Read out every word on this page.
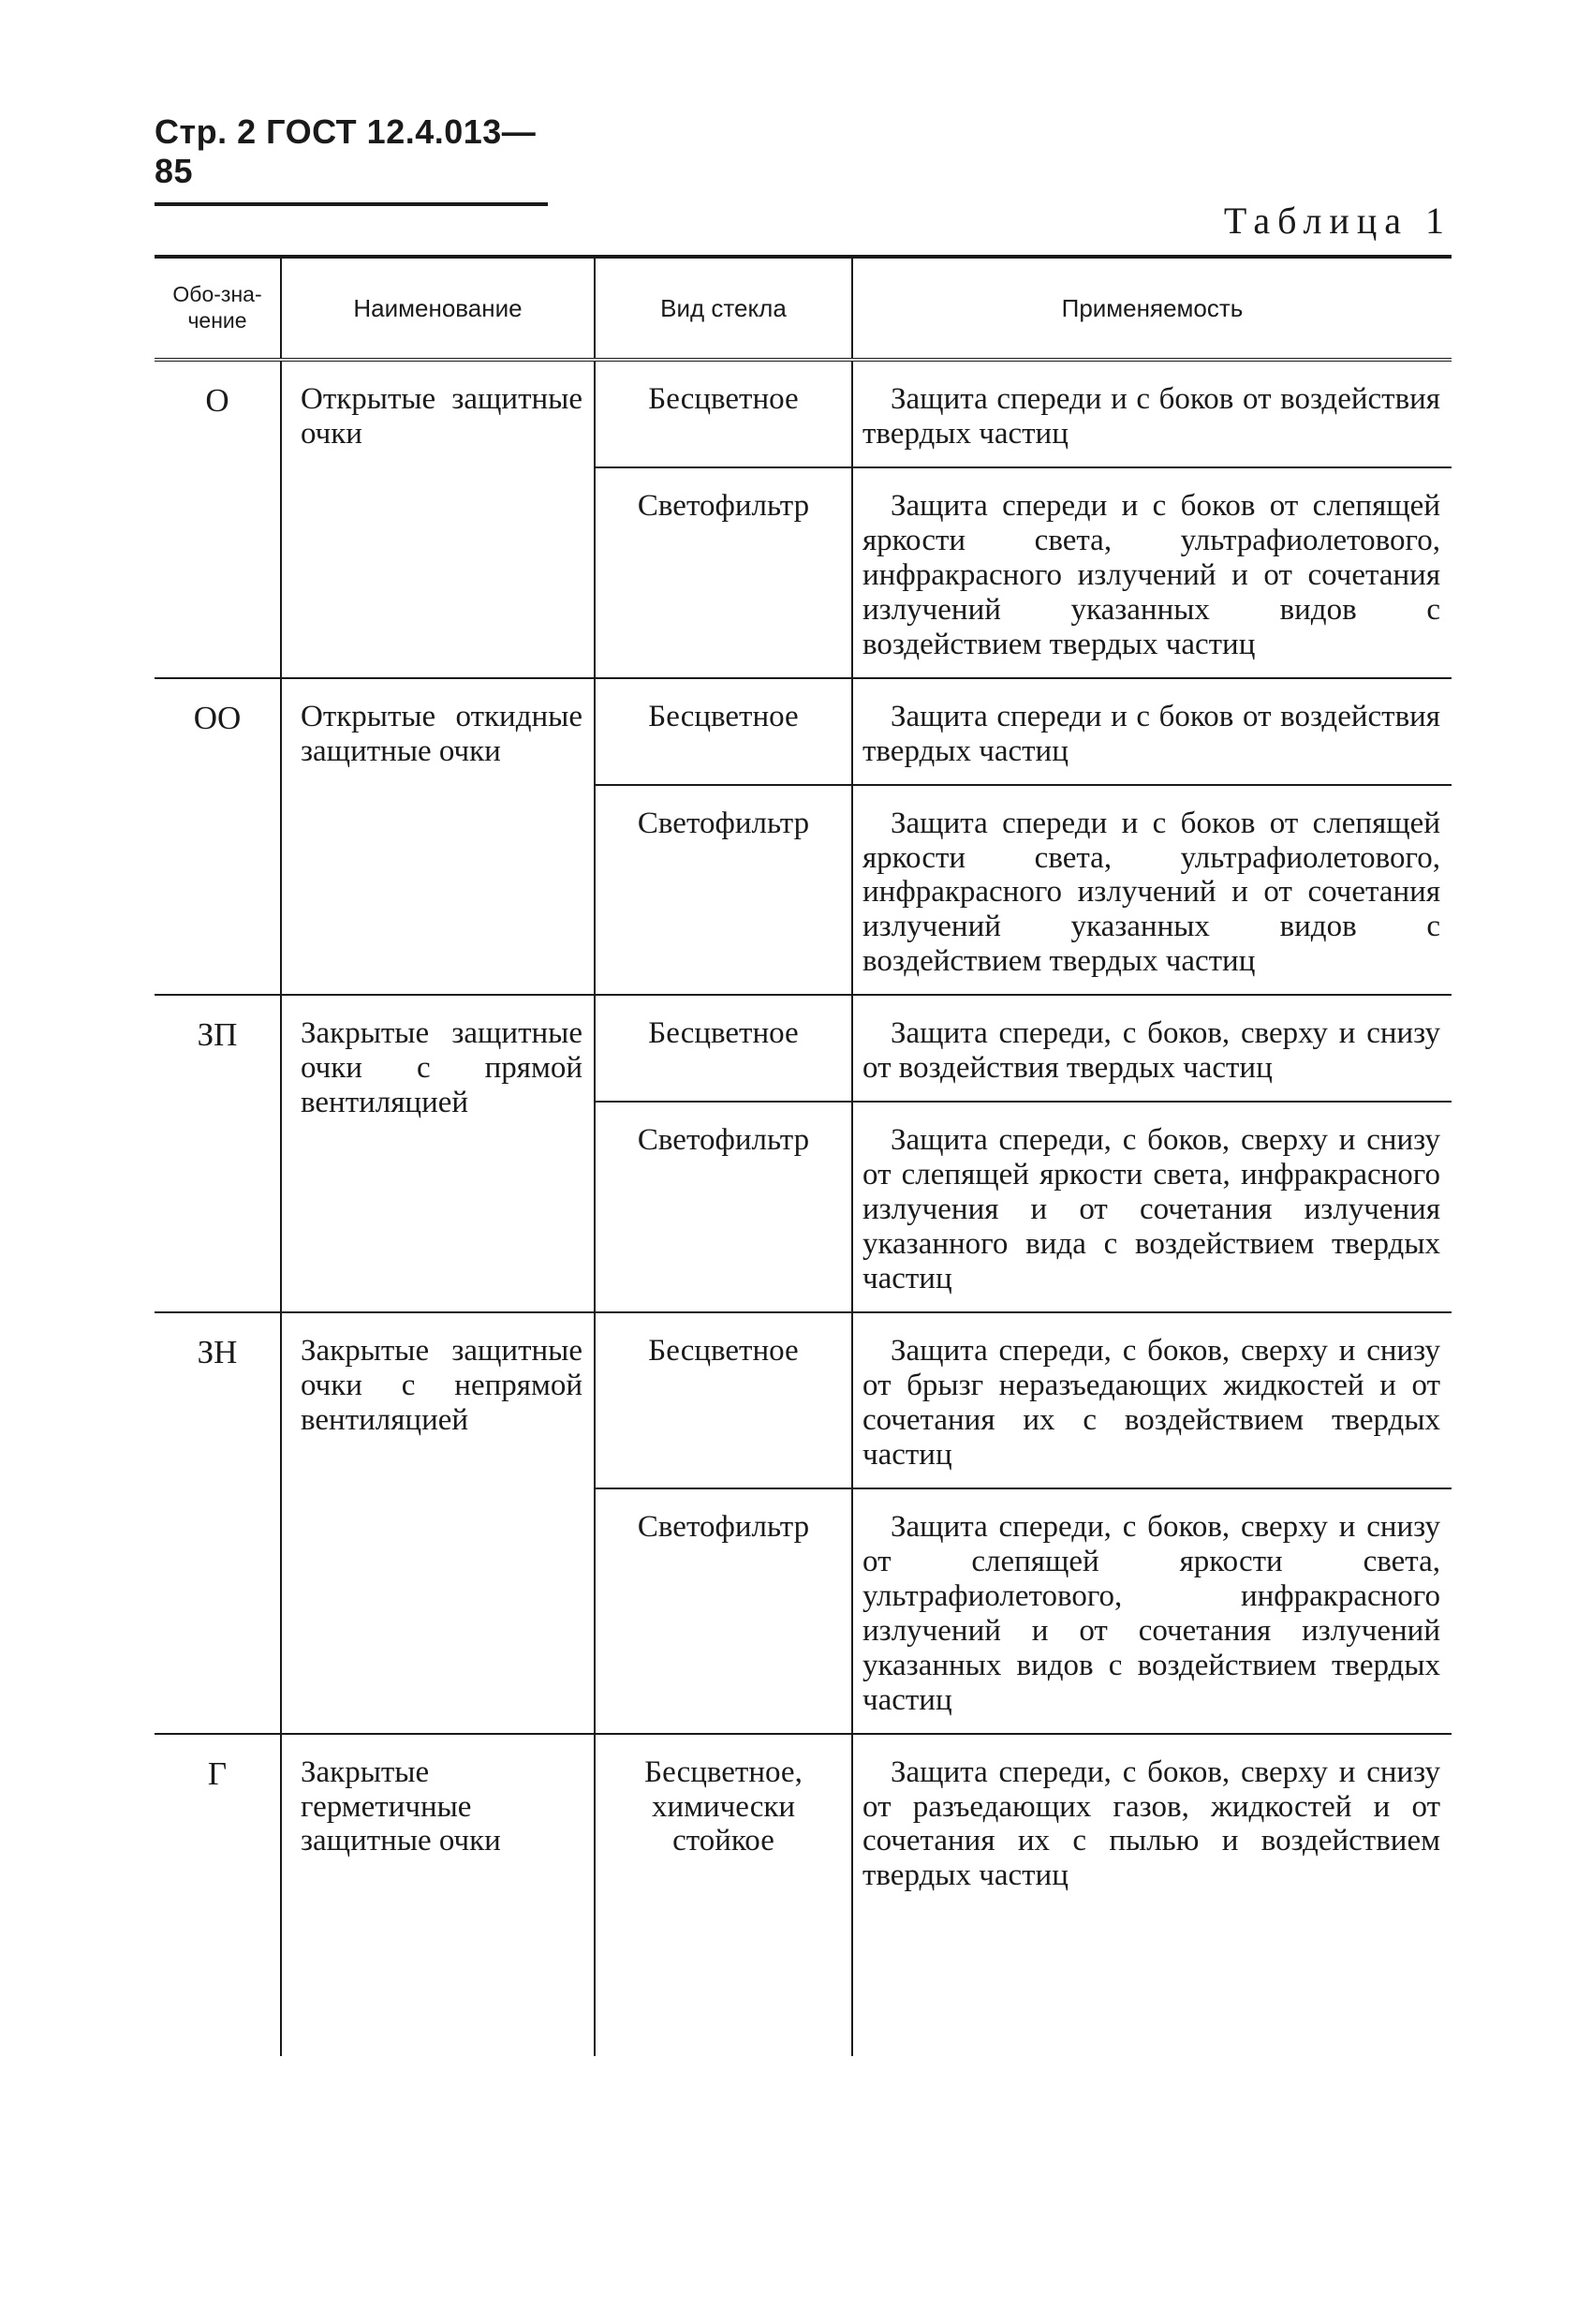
Стр. 2 ГОСТ 12.4.013—85
Таблица 1
Обо-зна-чение	Наименование	Вид стекла	Применяемость
О	Открытые защитные очки	Бесцветное	Защита спереди и с боков от воздействия твердых частиц
		Светофильтр	Защита спереди и с боков от слепящей яркости света, ультрафиолетового, инфракрасного излучений и от сочетания излучений указанных видов с воздействием твердых частиц
ОО	Открытые откидные защитные очки	Бесцветное	Защита спереди и с боков от воздействия твердых частиц
		Светофильтр	Защита спереди и с боков от слепящей яркости света, ультрафиолетового, инфракрасного излучений и от сочетания излучений указанных видов с воздействием твердых частиц
ЗП	Закрытые защитные очки с прямой вентиляцией	Бесцветное	Защита спереди, с боков, сверху и снизу от воздействия твердых частиц
		Светофильтр	Защита спереди, с боков, сверху и снизу от слепящей яркости света, инфракрасного излучения и от сочетания излучения указанного вида с воздействием твердых частиц
ЗН	Закрытые защитные очки с непрямой вентиляцией	Бесцветное	Защита спереди, с боков, сверху и снизу от брызг неразъедающих жидкостей и от сочетания их с воздействием твердых частиц
		Светофильтр	Защита спереди, с боков, сверху и снизу от слепящей яркости света, ультрафиолетового, инфракрасного излучений и от сочетания излучений указанных видов с воздействием твердых частиц
Г	Закрытые герметичные защитные очки	Бесцветное, химически стойкое	Защита спереди, с боков, сверху и снизу от разъедающих газов, жидкостей и от сочетания их с пылью и воздействием твердых частиц
